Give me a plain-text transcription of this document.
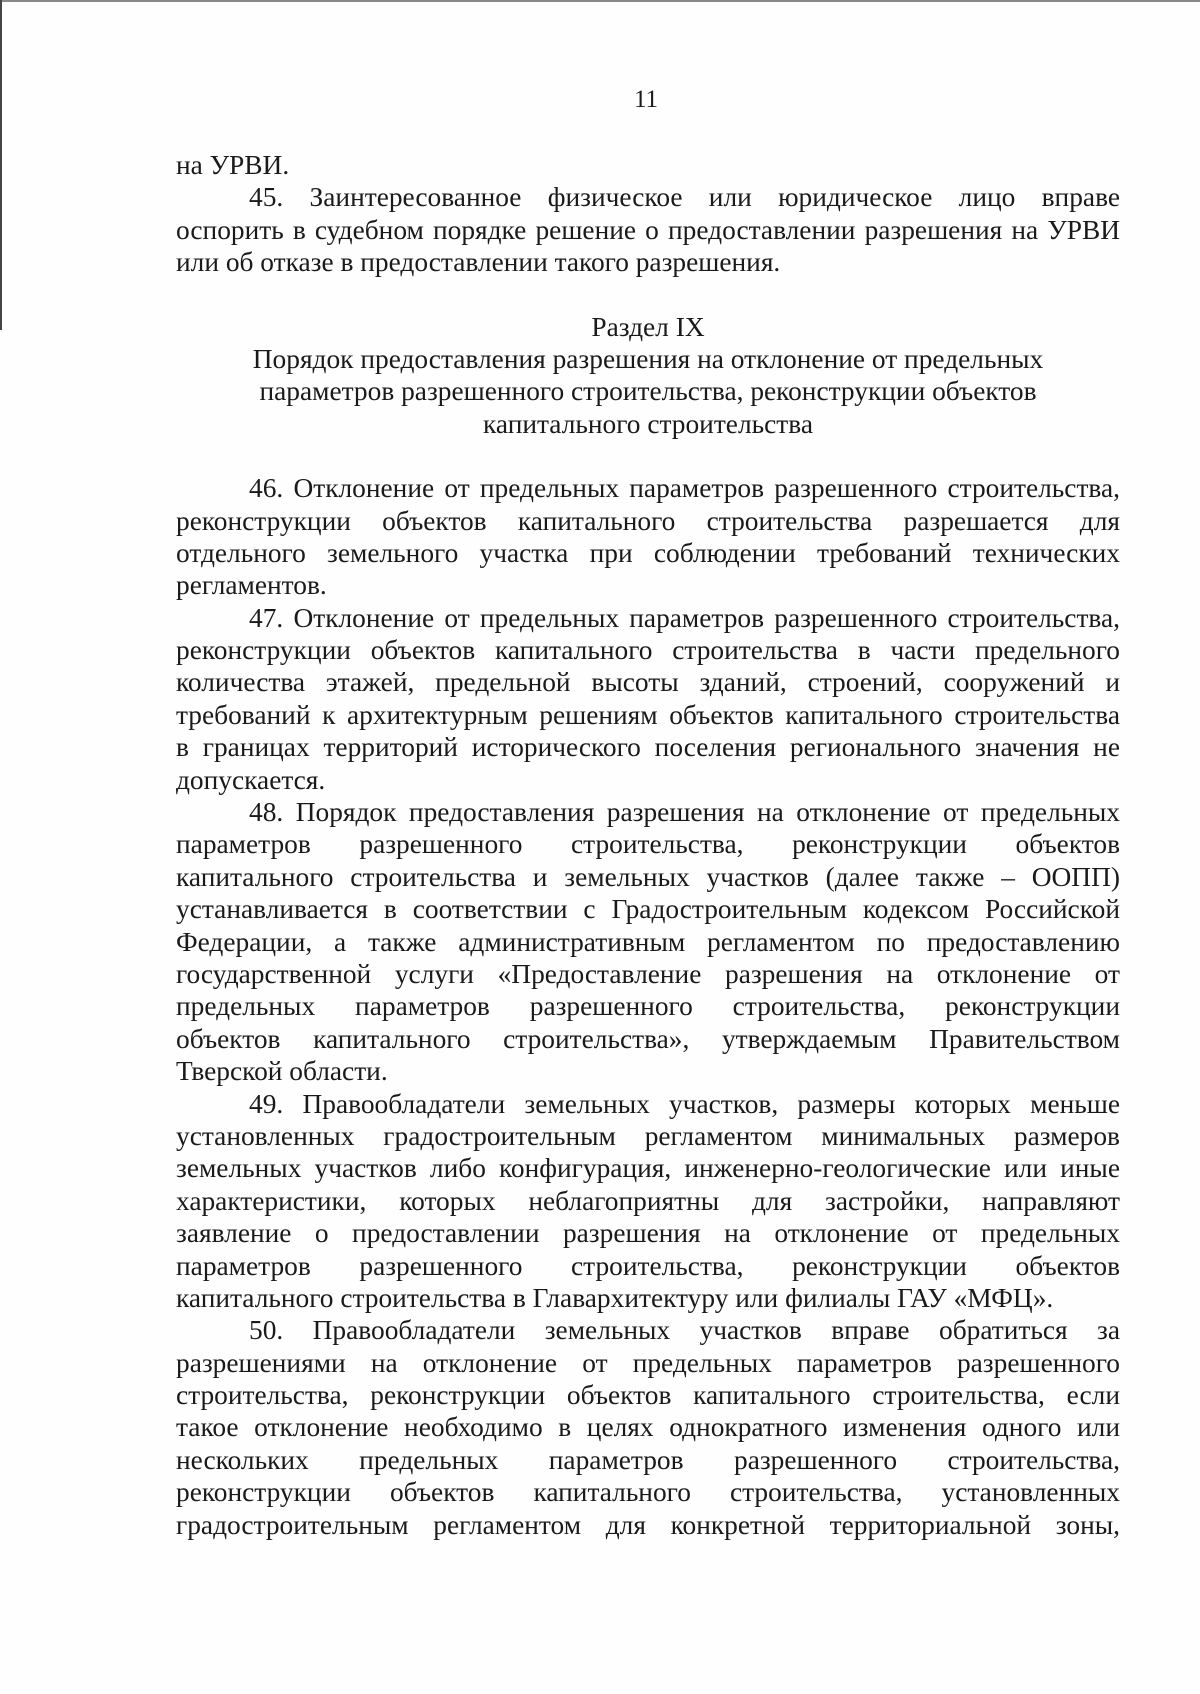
11
на УРВИ.
45. Заинтересованное физическое или юридическое лицо вправе
оспорить в судебном порядке решение о предоставлении разрешения на УРВИ
или об отказе в предоставлении такого разрешения.
Раздел IX
Порядок предоставления разрешения на отклонение от предельных
параметров разрешенного строительства, реконструкции объектов
капитального строительства
46. Отклонение от предельных параметров разрешенного строительства,
реконструкции объектов капитального строительства разрешается для
отдельного земельного участка при соблюдении требований технических
регламентов.
47. Отклонение от предельных параметров разрешенного строительства,
реконструкции объектов капитального строительства в части предельного
количества этажей, предельной высоты зданий, строений, сооружений и
требований к архитектурным решениям объектов капитального строительства
в границах территорий исторического поселения регионального значения не
допускается.
48. Порядок предоставления разрешения на отклонение от предельных
параметров разрешенного строительства, реконструкции объектов
капитального строительства и земельных участков (далее также – ООПП)
устанавливается в соответствии с Градостроительным кодексом Российской
Федерации, а также административным регламентом по предоставлению
государственной услуги «Предоставление разрешения на отклонение от
предельных параметров разрешенного строительства, реконструкции
объектов капитального строительства», утверждаемым Правительством
Тверской области.
49. Правообладатели земельных участков, размеры которых меньше
установленных градостроительным регламентом минимальных размеров
земельных участков либо конфигурация, инженерно-геологические или иные
характеристики, которых неблагоприятны для застройки, направляют
заявление о предоставлении разрешения на отклонение от предельных
параметров разрешенного строительства, реконструкции объектов
капитального строительства в Главархитектуру или филиалы ГАУ «МФЦ».
50. Правообладатели земельных участков вправе обратиться за
разрешениями на отклонение от предельных параметров разрешенного
строительства, реконструкции объектов капитального строительства, если
такое отклонение необходимо в целях однократного изменения одного или
нескольких предельных параметров разрешенного строительства,
реконструкции объектов капитального строительства, установленных
градостроительным регламентом для конкретной территориальной зоны,
